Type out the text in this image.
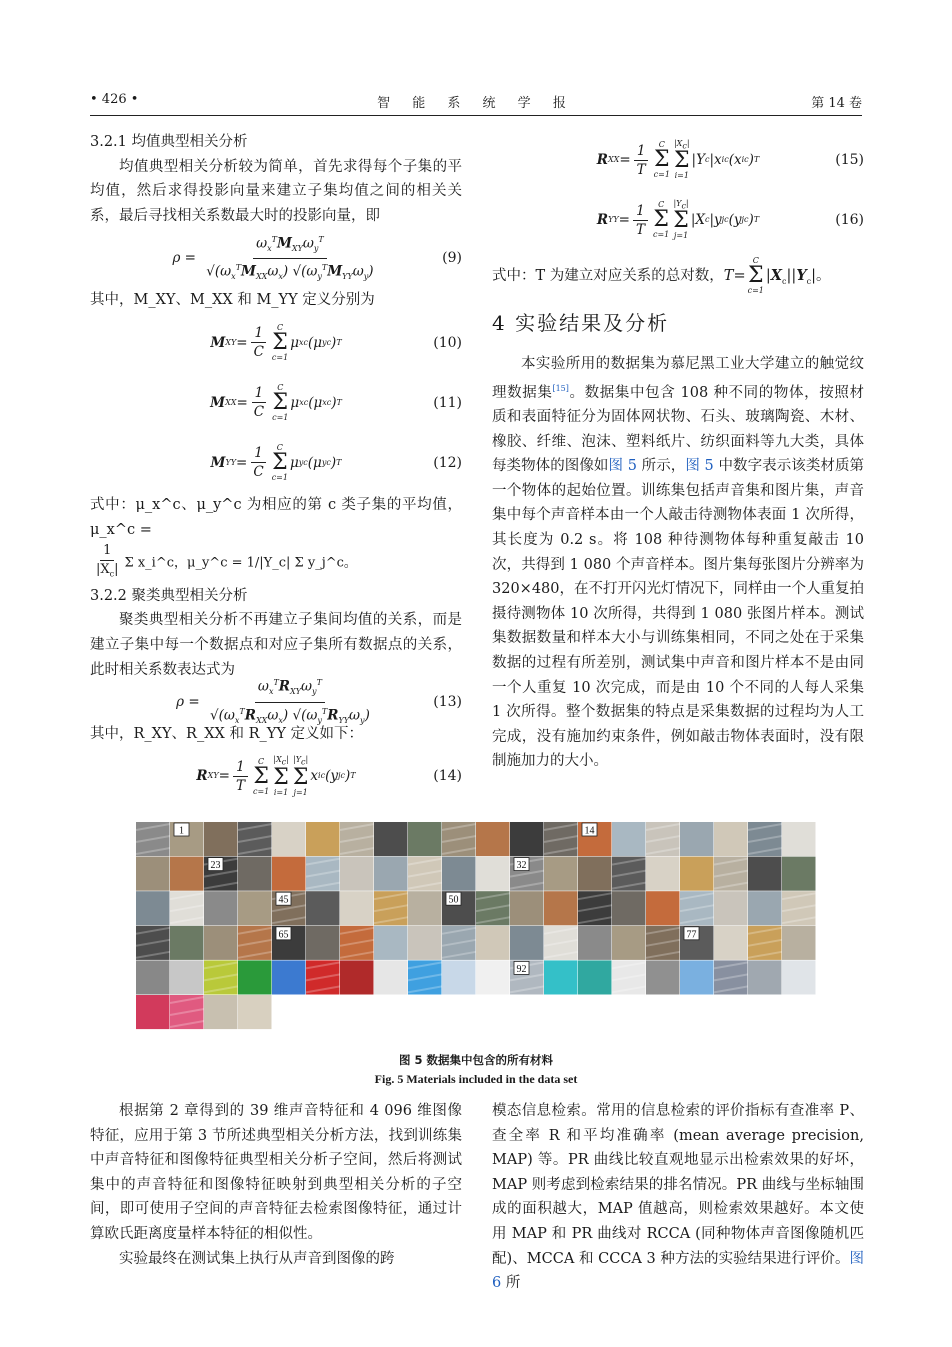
• 426 •	智 能 系 统 学 报	第 14 卷

3.2.1 均值典型相关分析

均值典型相关分析较为简单，首先求得每个子集的平均值，然后求得投影向量来建立子集均值之间的相关关系，最后寻找相关系数最大时的投影向量，即

$\rho = \frac{\omega_x^TM_{XY}\omega_y^T}{√(\omega_x^TM_{XX}\omega_x) √(\omega_y^TM_{YY}\omega_y)}$	(9)

其中，M_XY、M_XX 和 M_YY 定义分别为

M XY = $\frac{1}{C}$ C
Σ
c=1
μ x c (μ y c ) T	(10)
M XX = $\frac{1}{C}$ C
Σ
c=1
μ x c (μ x c ) T	(11)
M YY = $\frac{1}{C}$ C
Σ
c=1
μ y c (μ y c ) T	(12)

式中：μ_x^c、μ_y^c 为相应的第 c 类子集的平均值，μ_x^c =

$\frac{1}{|X_c|}$ Σ x_i^c，μ_y^c = 1/|Y_c| Σ y_j^c。

3.2.2 聚类典型相关分析

聚类典型相关分析不再建立子集间均值的关系，而是建立子集中每一个数据点和对应子集所有数据点的关系，此时相关系数表达式为

$\rho = \frac{\omega_x^TR_{XY}\omega_y^T}{√(\omega_x^TR_{XX}\omega_x) √(\omega_y^TR_{YY}\omega_y)}$	(13)

其中，R_XY、R_XX 和 R_YY 定义如下：

R XY = $\frac{1}{T}$ C
Σ
c=1
$|X_c|$
Σ
i=1
$|Y_c|$
Σ
j=1
x i c (y j c ) T	(14)
R XX = $\frac{1}{T}$ C
Σ
c=1
$|X_c|$
Σ
i=1
|Y c |x i c (x i c ) T	(15)
R YY = $\frac{1}{T}$ C
Σ
c=1
$|Y_c|$
Σ
j=1
|X c |y j c (y j c ) T	(16)

式中：T 为建立对应关系的总对数，T=
C
Σ
c=1
$|X_c||Y_c|$。

4 实验结果及分析

本实验所用的数据集为慕尼黑工业大学建立的触觉纹理数据集[15]。数据集中包含 108 种不同的物体，按照材质和表面特征分为固体网状物、石头、玻璃陶瓷、木材、橡胶、纤维、泡沫、塑料纸片、纺织面料等九大类，具体每类物体的图像如图 5 所示，图 5 中数字表示该类材质第一个物体的起始位置。训练集包括声音集和图片集，声音集中每个声音样本由一个人敲击待测物体表面 1 次所得，其长度为 0.2 s。将 108 种待测物体每种重复敲击 10 次，共得到 1 080 个声音样本。图片集每张图片分辨率为 320×480，在不打开闪光灯情况下，同样由一个人重复拍摄待测物体 10 次所得，共得到 1 080 张图片样本。测试集数据数量和样本大小与训练集相同，不同之处在于采集数据的过程有所差别，测试集中声音和图片样本不是由同一个人重复 10 次完成，而是由 10 个不同的人每人采集 1 次所得。整个数据集的特点是采集数据的过程均为人工完成，没有施加约束条件，例如敲击物体表面时，没有限制施加力的大小。

1	14
23	32
45	50
65	77
92
图 5 数据集中包含的所有材料
Fig. 5 Materials included in the data set

根据第 2 章得到的 39 维声音特征和 4 096 维图像特征，应用于第 3 节所述典型相关分析方法，找到训练集中声音特征和图像特征典型相关分析子空间，然后将测试集中的声音特征和图像特征映射到典型相关分析的子空间，即可使用子空间的声音特征去检索图像特征，通过计算欧氏距离度量样本特征的相似性。

实验最终在测试集上执行从声音到图像的跨

模态信息检索。常用的信息检索的评价指标有查准率 P、查全率 R 和平均准确率 (mean average precision, MAP) 等。PR 曲线比较直观地显示出检索效果的好坏，MAP 则考虑到检索结果的排名情况。PR 曲线与坐标轴围成的面积越大，MAP 值越高，则检索效果越好。本文使用 MAP 和 PR 曲线对 RCCA (同种物体声音图像随机匹配)、MCCA 和 CCCA 3 种方法的实验结果进行评价。图 6 所
